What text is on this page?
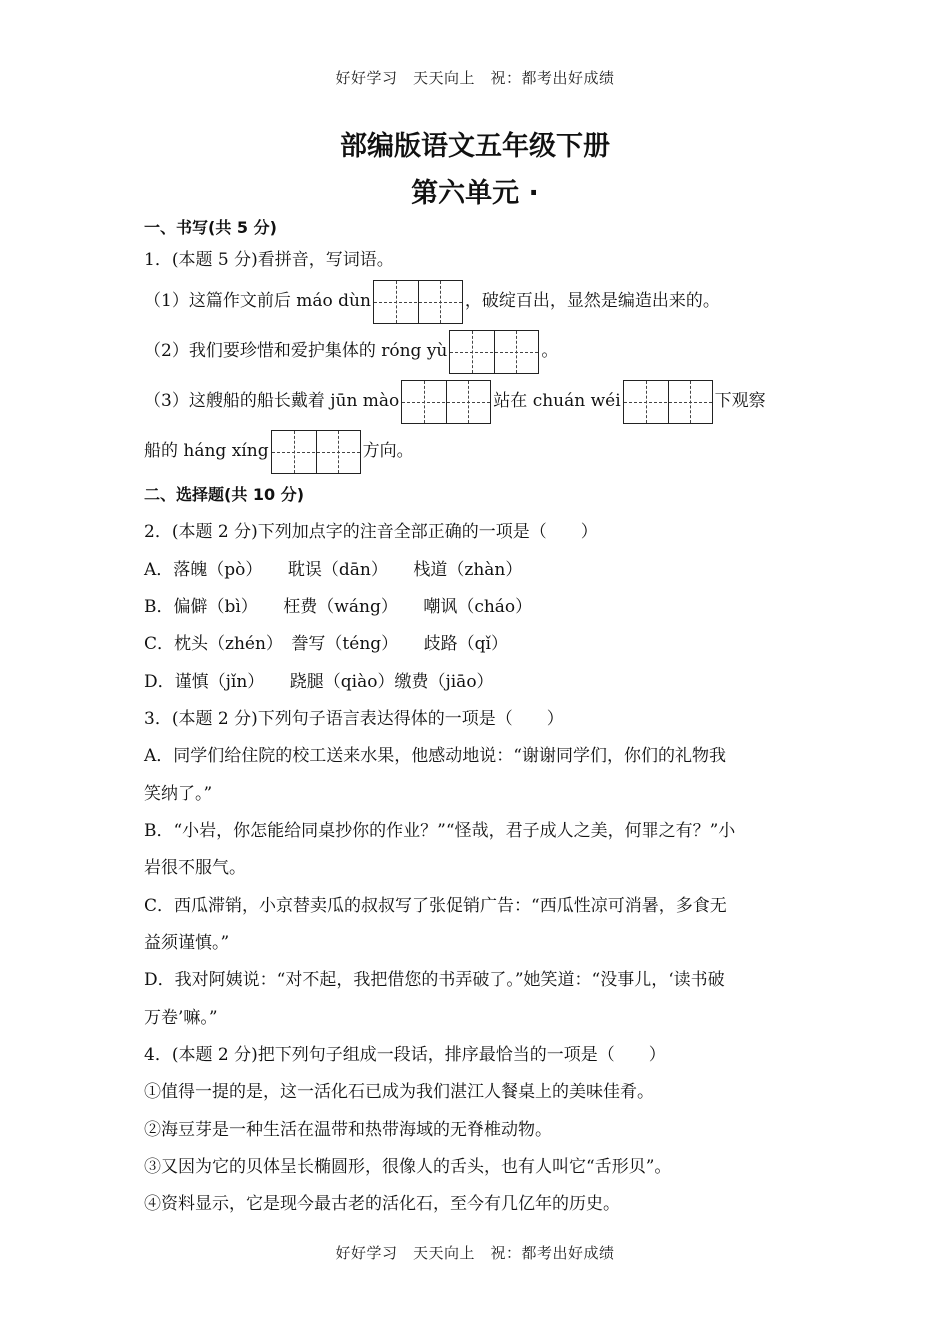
好好学习　天天向上　祝：都考出好成绩
部编版语文五年级下册
第六单元 ·
一、书写(共 5 分)
1．(本题 5 分)看拼音，写词语。
（1）这篇作文前后 máo dùn	，破绽百出，显然是编造出来的。
（2）我们要珍惜和爱护集体的 róng yù	。
（3）这艘船的船长戴着 jūn mào	站在 chuán wéi	下观察
船的 háng xíng	方向。
二、选择题(共 10 分)
2．(本题 2 分)下列加点字的注音全部正确的一项是（　　）
A．落魄（pò）　　耽误（dān）　　栈道（zhàn）
B．偏僻（bì）　　枉费（wáng）　　嘲讽（cháo）
C．枕头（zhén）　誊写（téng）　　歧路（qǐ）
D．谨慎（jǐn）　　跷腿（qiào）缴费（jiāo）
3．(本题 2 分)下列句子语言表达得体的一项是（　　）
A．同学们给住院的校工送来水果，他感动地说：“谢谢同学们，你们的礼物我
笑纳了。”
B．“小岩，你怎能给同桌抄你的作业？”“怪哉，君子成人之美，何罪之有？”小
岩很不服气。
C．西瓜滞销，小京替卖瓜的叔叔写了张促销广告：“西瓜性凉可消暑，多食无
益须谨慎。”
D．我对阿姨说：“对不起，我把借您的书弄破了。”她笑道：“没事儿，‘读书破
万卷’嘛。”
4．(本题 2 分)把下列句子组成一段话，排序最恰当的一项是（　　）
①值得一提的是，这一活化石已成为我们湛江人餐桌上的美味佳肴。
②海豆芽是一种生活在温带和热带海域的无脊椎动物。
③又因为它的贝体呈长椭圆形，很像人的舌头，也有人叫它“舌形贝”。
④资料显示，它是现今最古老的活化石，至今有几亿年的历史。
好好学习　天天向上　祝：都考出好成绩
